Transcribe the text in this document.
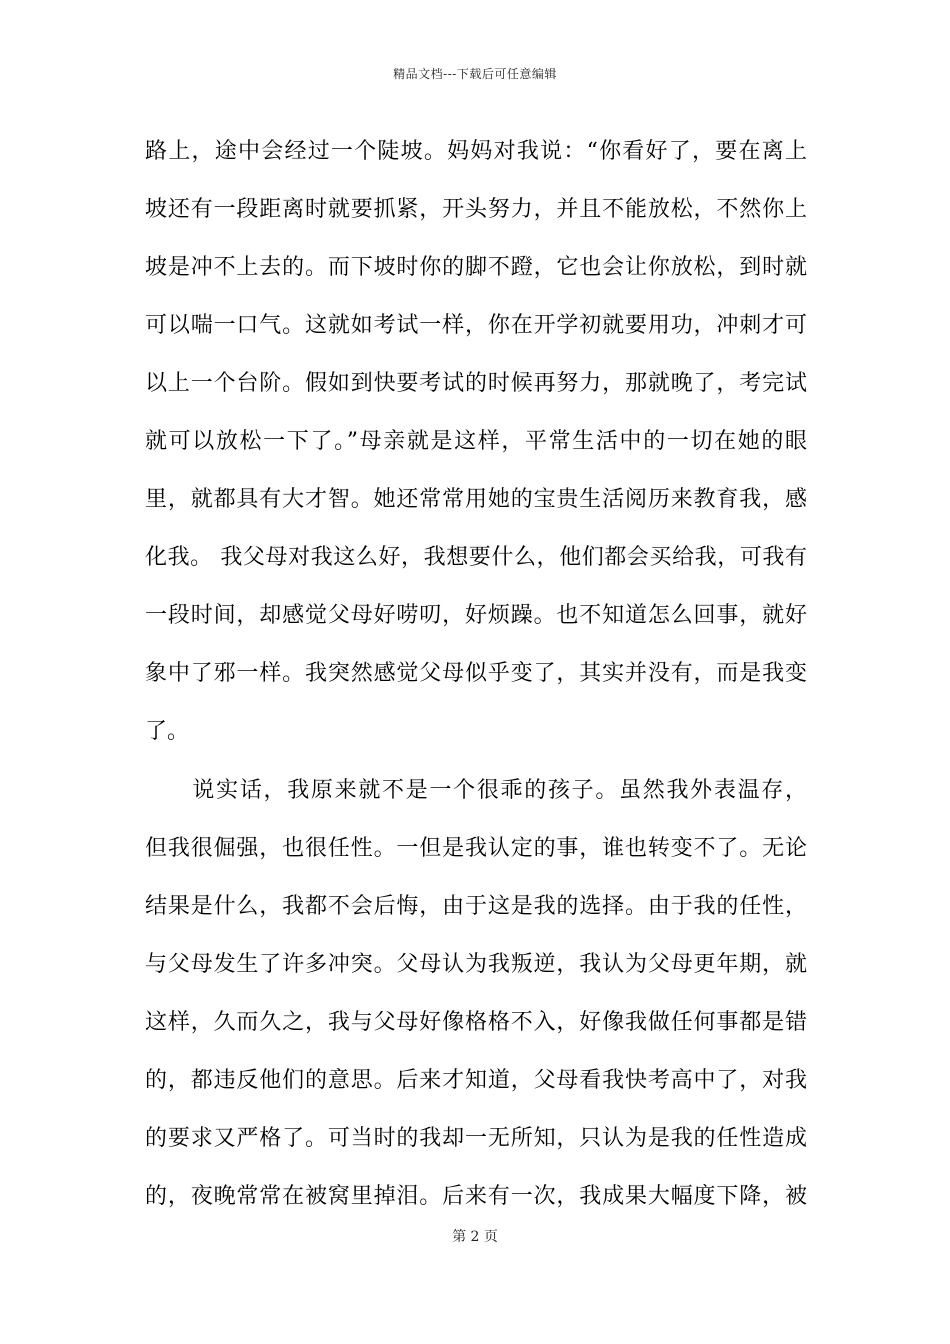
精品文档---下载后可任意编辑
路上，途中会经过一个陡坡。妈妈对我说：“你看好了，要在离上
坡还有一段距离时就要抓紧，开头努力，并且不能放松，不然你上
坡是冲不上去的。而下坡时你的脚不蹬，它也会让你放松，到时就
可以喘一口气。这就如考试一样，你在开学初就要用功，冲刺才可
以上一个台阶。假如到快要考试的时候再努力，那就晚了，考完试
就可以放松一下了。”母亲就是这样，平常生活中的一切在她的眼
里，就都具有大才智。她还常常用她的宝贵生活阅历来教育我，感
化我。 我父母对我这么好，我想要什么，他们都会买给我，可我有
一段时间，却感觉父母好唠叨，好烦躁。也不知道怎么回事，就好
象中了邪一样。我突然感觉父母似乎变了，其实并没有，而是我变
了。
　　说实话，我原来就不是一个很乖的孩子。虽然我外表温存，
但我很倔强，也很任性。一但是我认定的事，谁也转变不了。无论
结果是什么，我都不会后悔，由于这是我的选择。由于我的任性，
与父母发生了许多冲突。父母认为我叛逆，我认为父母更年期，就
这样，久而久之，我与父母好像格格不入，好像我做任何事都是错
的，都违反他们的意思。后来才知道，父母看我快考高中了，对我
的要求又严格了。可当时的我却一无所知，只认为是我的任性造成
的，夜晚常常在被窝里掉泪。后来有一次，我成果大幅度下降，被
第 2 页
